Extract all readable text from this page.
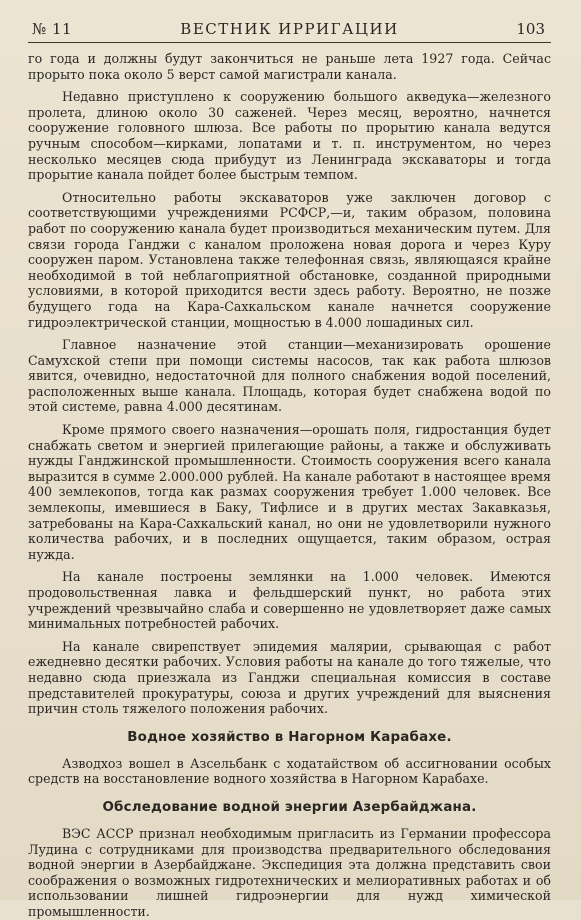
№ 11	ВЕСТНИК ИРРИГАЦИИ	103

го года и должны будут закончиться не раньше лета 1927 года. Сейчас прорыто пока около 5 верст самой магистрали канала.

Недавно приступлено к сооружению большого акведука—железного пролета, длиною около 30 саженей. Через месяц, вероятно, начнется сооружение головного шлюза. Все работы по прорытию канала ведутся ручным способом—кирками, лопатами и т. п. инструментом, но через несколько месяцев сюда прибудут из Ленинграда экскаваторы и тогда прорытие канала пойдет более быстрым темпом.

Относительно работы экскаваторов уже заключен договор с соответствующими учреждениями РСФСР,—и, таким образом, половина работ по сооружению канала будет производиться механическим путем. Для связи города Ганджи с каналом проложена новая дорога и через Куру сооружен паром. Установлена также телефонная связь, являющаяся крайне необходимой в той неблагоприятной обстановке, созданной природными условиями, в которой приходится вести здесь работу. Вероятно, не позже будущего года на Кара-Сахкальском канале начнется сооружение гидроэлектрической станции, мощностью в 4.000 лошадиных сил.

Главное назначение этой станции—механизировать орошение Самухской степи при помощи системы насосов, так как работа шлюзов явится, очевидно, недостаточной для полного снабжения водой поселений, расположенных выше канала. Площадь, которая будет снабжена водой по этой системе, равна 4.000 десятинам.

Кроме прямого своего назначения—орошать поля, гидростанция будет снабжать светом и энергией прилегающие районы, а также и обслуживать нужды Ганджинской промышленности. Стоимость сооружения всего канала выразится в сумме 2.000.000 рублей. На канале работают в настоящее время 400 землекопов, тогда как размах сооружения требует 1.000 человек. Все землекопы, имевшиеся в Баку, Тифлисе и в других местах Закавказья, затребованы на Кара-Сахкальский канал, но они не удовлетворили нужного количества рабочих, и в последних ощущается, таким образом, острая нужда.

На канале построены землянки на 1.000 человек. Имеются продовольственная лавка и фельдшерский пункт, но работа этих учреждений чрезвычайно слаба и совершенно не удовлетворяет даже самых минимальных потребностей рабочих.

На канале свирепствует эпидемия малярии, срывающая с работ ежедневно десятки рабочих. Условия работы на канале до того тяжелые, что недавно сюда приезжала из Ганджи специальная комиссия в составе представителей прокуратуры, союза и других учреждений для выяснения причин столь тяжелого положения рабочих.

Водное хозяйство в Нагорном Карабахе.

Азводхоз вошел в Азсельбанк с ходатайством об ассигновании особых средств на восстановление водного хозяйства в Нагорном Карабахе.

Обследование водной энергии Азербайджана.

ВЭС АССР признал необходимым пригласить из Германии профессора Лудина с сотрудниками для производства предварительного обследования водной энергии в Азербайджане. Экспедиция эта должна представить свои соображения о возможных гидротехнических и мелиоративных работах и об использовании лишней гидроэнергии для нужд химической промышленности.
